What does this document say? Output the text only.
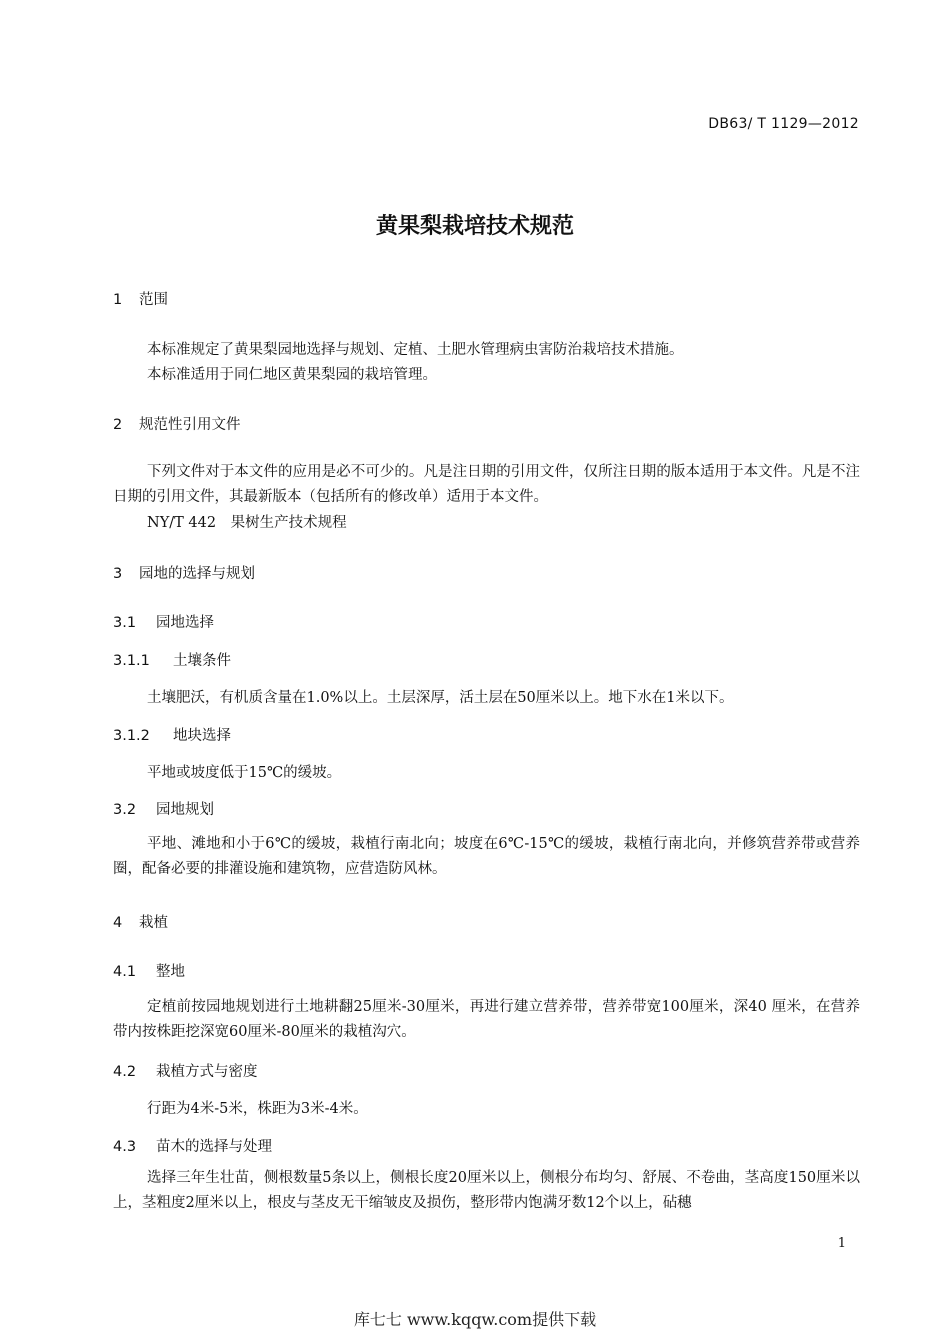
DB63/ T 1129—2012
黄果梨栽培技术规范
1 范围
本标准规定了黄果梨园地选择与规划、定植、土肥水管理病虫害防治栽培技术措施。
本标准适用于同仁地区黄果梨园的栽培管理。
2 规范性引用文件
下列文件对于本文件的应用是必不可少的。凡是注日期的引用文件，仅所注日期的版本适用于本文件。凡是不注日期的引用文件，其最新版本（包括所有的修改单）适用于本文件。
NY/T 442　果树生产技术规程
3 园地的选择与规划
3.1 园地选择
3.1.1 土壤条件
土壤肥沃，有机质含量在1.0%以上。土层深厚，活土层在50厘米以上。地下水在1米以下。
3.1.2 地块选择
平地或坡度低于15℃的缓坡。
3.2 园地规划
平地、滩地和小于6℃的缓坡，栽植行南北向；坡度在6℃-15℃的缓坡，栽植行南北向，并修筑营养带或营养圈，配备必要的排灌设施和建筑物，应营造防风林。
4 栽植
4.1 整地
定植前按园地规划进行土地耕翻25厘米-30厘米，再进行建立营养带，营养带宽100厘米，深40 厘米，在营养带内按株距挖深宽60厘米-80厘米的栽植沟穴。
4.2 栽植方式与密度
行距为4米-5米，株距为3米-4米。
4.3 苗木的选择与处理
选择三年生壮苗，侧根数量5条以上，侧根长度20厘米以上，侧根分布均匀、舒展、不卷曲，茎高度150厘米以上，茎粗度2厘米以上，根皮与茎皮无干缩皱皮及损伤，整形带内饱满牙数12个以上，砧穗
1
库七七 www.kqqw.com提供下载
